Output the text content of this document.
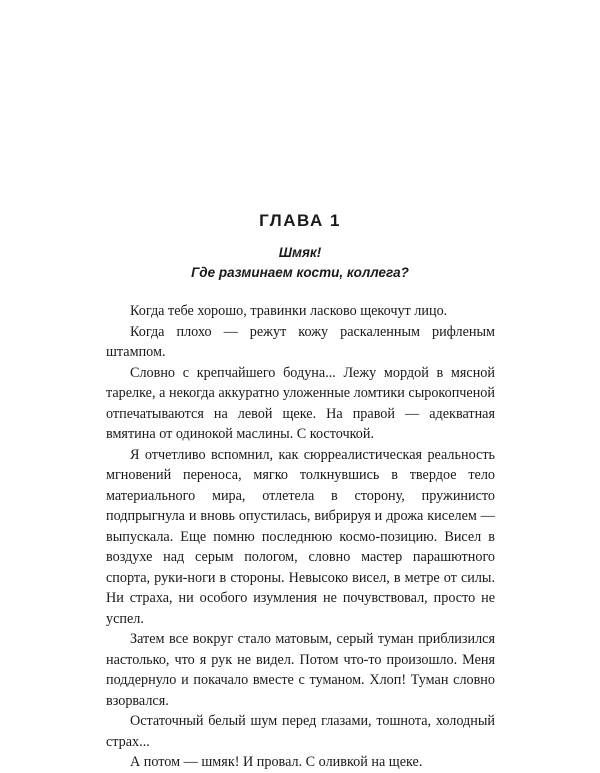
ГЛАВА 1
Шмяк!
Где разминаем кости, коллега?

Когда тебе хорошо, травинки ласково щекочут лицо.

Когда плохо — режут кожу раскаленным рифленым штампом.

Словно с крепчайшего бодуна... Лежу мордой в мясной тарелке, а некогда аккуратно уложенные ломтики сырокопченой отпечатываются на левой щеке. На правой — адекватная вмятина от одинокой маслины. С косточкой.

Я отчетливо вспомнил, как сюрреалистическая реальность мгновений переноса, мягко толкнувшись в твердое тело материального мира, отлетела в сторону, пружинисто подпрыгнула и вновь опустилась, вибрируя и дрожа киселем — выпускала. Еще помню последнюю космо-позицию. Висел в воздухе над серым пологом, словно мастер парашютного спорта, руки-ноги в стороны. Невысоко висел, в метре от силы. Ни страха, ни особого изумления не почувствовал, просто не успел.

Затем все вокруг стало матовым, серый туман приблизился настолько, что я рук не видел. Потом что-то произошло. Меня поддернуло и покачало вместе с туманом. Хлоп! Туман словно взорвался.

Остаточный белый шум перед глазами, тошнота, холодный страх...

А потом — шмяк! И провал. С оливкой на щеке.
